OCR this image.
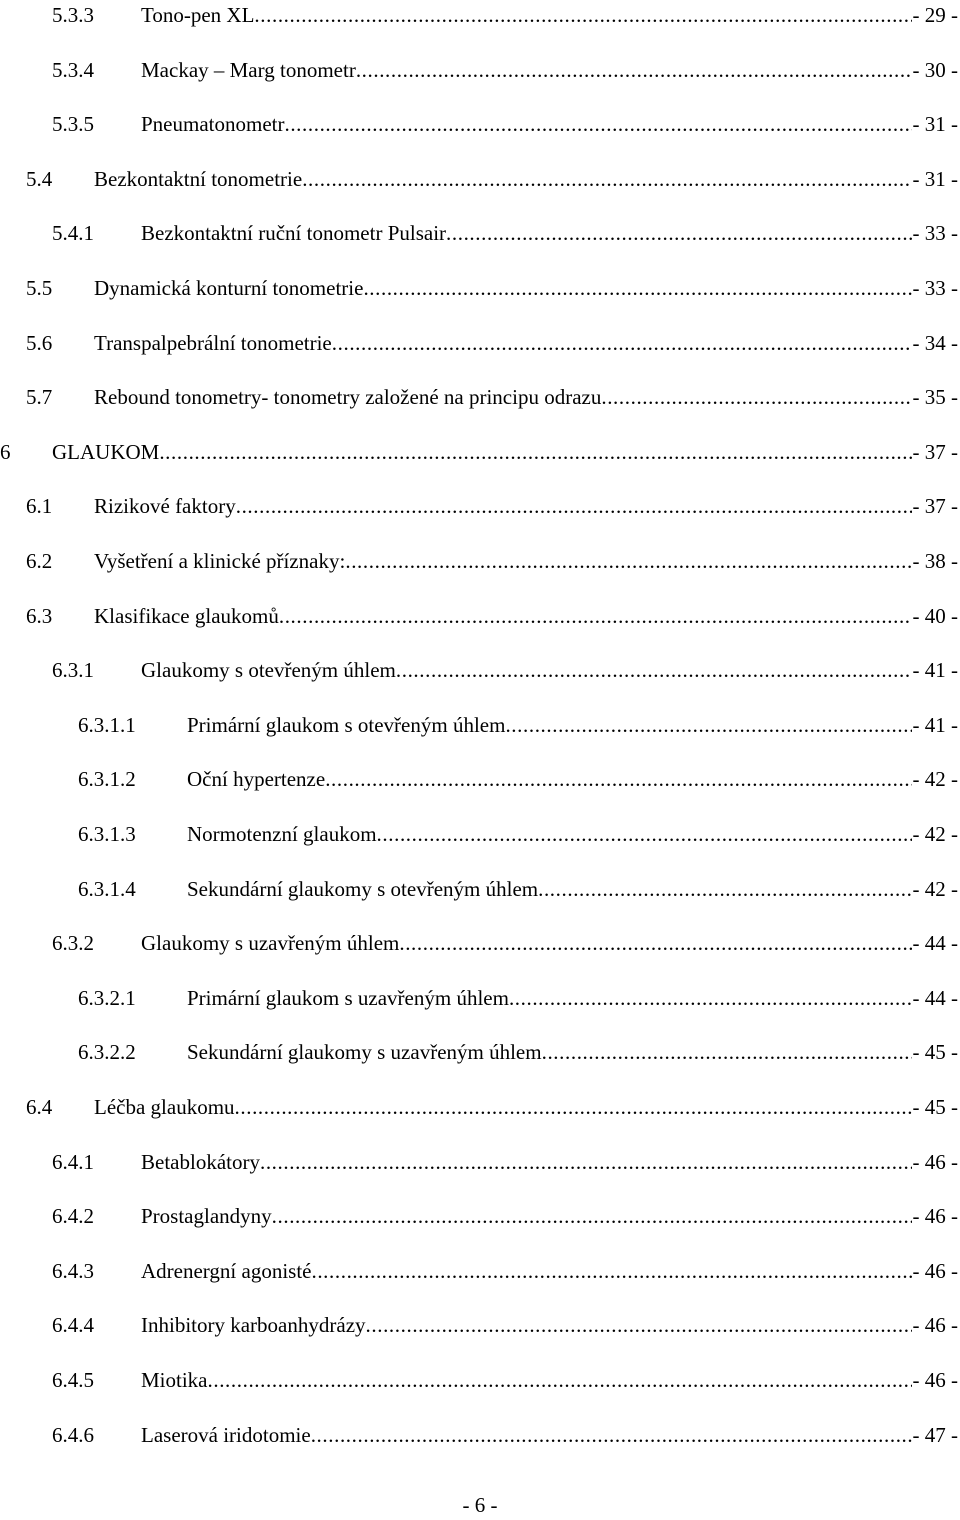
5.3.3	Tono-pen XL .....	- 29 -
5.3.4	Mackay – Marg tonometr .....	- 30 -
5.3.5	Pneumatonometr .....	- 31 -
5.4	Bezkontaktní tonometrie .....	- 31 -
5.4.1	Bezkontaktní ruční tonometr Pulsair .....	- 33 -
5.5	Dynamická konturní tonometrie .....	- 33 -
5.6	Transpalpebrální tonometrie .....	- 34 -
5.7	Rebound tonometry- tonometry založené na principu odrazu .....	- 35 -
6	GLAUKOM .....	- 37 -
6.1	Rizikové faktory .....	- 37 -
6.2	Vyšetření a klinické příznaky: .....	- 38 -
6.3	Klasifikace glaukomů .....	- 40 -
6.3.1	Glaukomy s otevřeným úhlem .....	- 41 -
6.3.1.1	Primární glaukom s otevřeným úhlem .....	- 41 -
6.3.1.2	Oční hypertenze .....	- 42 -
6.3.1.3	Normotenzní glaukom .....	- 42 -
6.3.1.4	Sekundární glaukomy s otevřeným úhlem .....	- 42 -
6.3.2	Glaukomy s uzavřeným úhlem .....	- 44 -
6.3.2.1	Primární glaukom s uzavřeným úhlem .....	- 44 -
6.3.2.2	Sekundární glaukomy s uzavřeným úhlem .....	- 45 -
6.4	Léčba glaukomu .....	- 45 -
6.4.1	Betablokátory .....	- 46 -
6.4.2	Prostaglandyny .....	- 46 -
6.4.3	Adrenergní agonisté .....	- 46 -
6.4.4	Inhibitory karboanhydrázy .....	- 46 -
6.4.5	Miotika .....	- 46 -
6.4.6	Laserová iridotomie .....	- 47 -
- 6 -
